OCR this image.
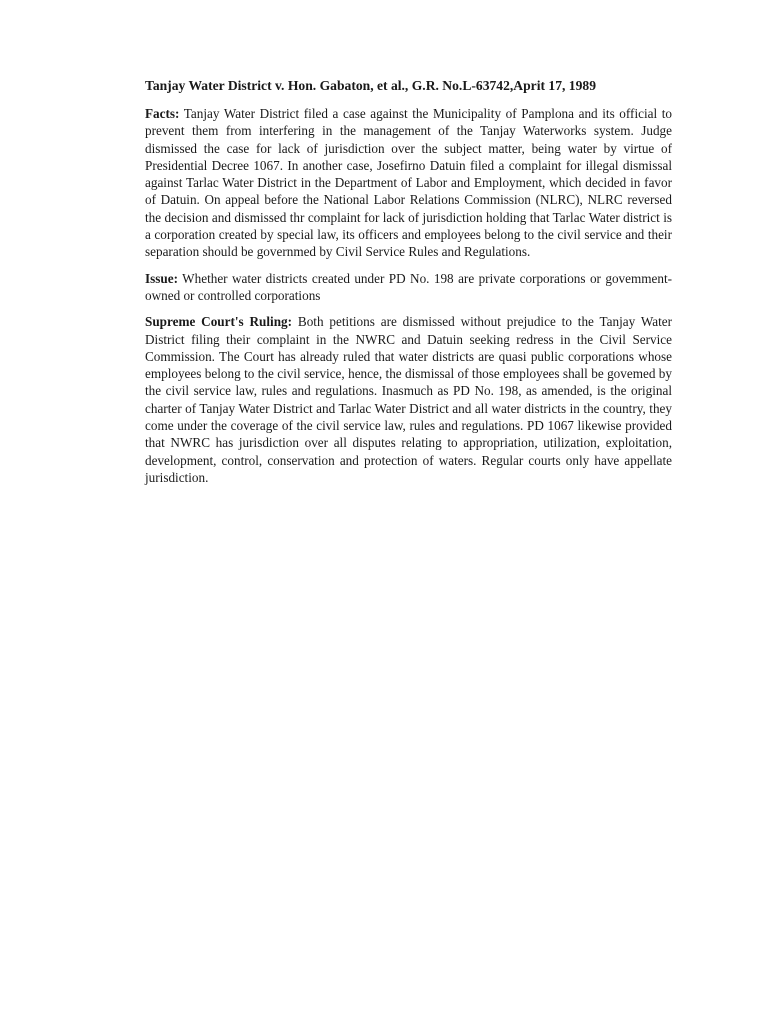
Tanjay Water District v. Hon. Gabaton, et al., G.R. No.L-63742,Aprit 17, 1989

Facts: Tanjay Water District filed a case against the Municipality of Pamplona and its official to prevent them from interfering in the management of the Tanjay Waterworks system. Judge dismissed the case for lack of jurisdiction over the subject matter, being water by virtue of Presidential Decree 1067. In another case, Josefirno Datuin filed a complaint for illegal dismissal against Tarlac Water District in the Department of Labor and Employment, which decided in favor of Datuin. On appeal before the National Labor Relations Commission (NLRC), NLRC reversed the decision and dismissed thr complaint for lack of jurisdiction holding that Tarlac Water district is a corporation created by special law, its officers and employees belong to the civil service and their separation should be governmed by Civil Service Rules and Regulations.

Issue: Whether water districts created under PD No. 198 are private corporations or govemment-owned or controlled corporations

Supreme Court's Ruling: Both petitions are dismissed without prejudice to the Tanjay Water District filing their complaint in the NWRC and Datuin seeking redress in the Civil Service Commission. The Court has already ruled that water districts are quasi public corporations whose employees belong to the civil service, hence, the dismissal of those employees shall be govemed by the civil service law, rules and regulations. Inasmuch as PD No. 198, as amended, is the original charter of Tanjay Water District and Tarlac Water District and all water districts in the country, they come under the coverage of the civil service law, rules and regulations. PD 1067 likewise provided that NWRC has jurisdiction over all disputes relating to appropriation, utilization, exploitation, development, control, conservation and protection of waters. Regular courts only have appellate jurisdiction.
